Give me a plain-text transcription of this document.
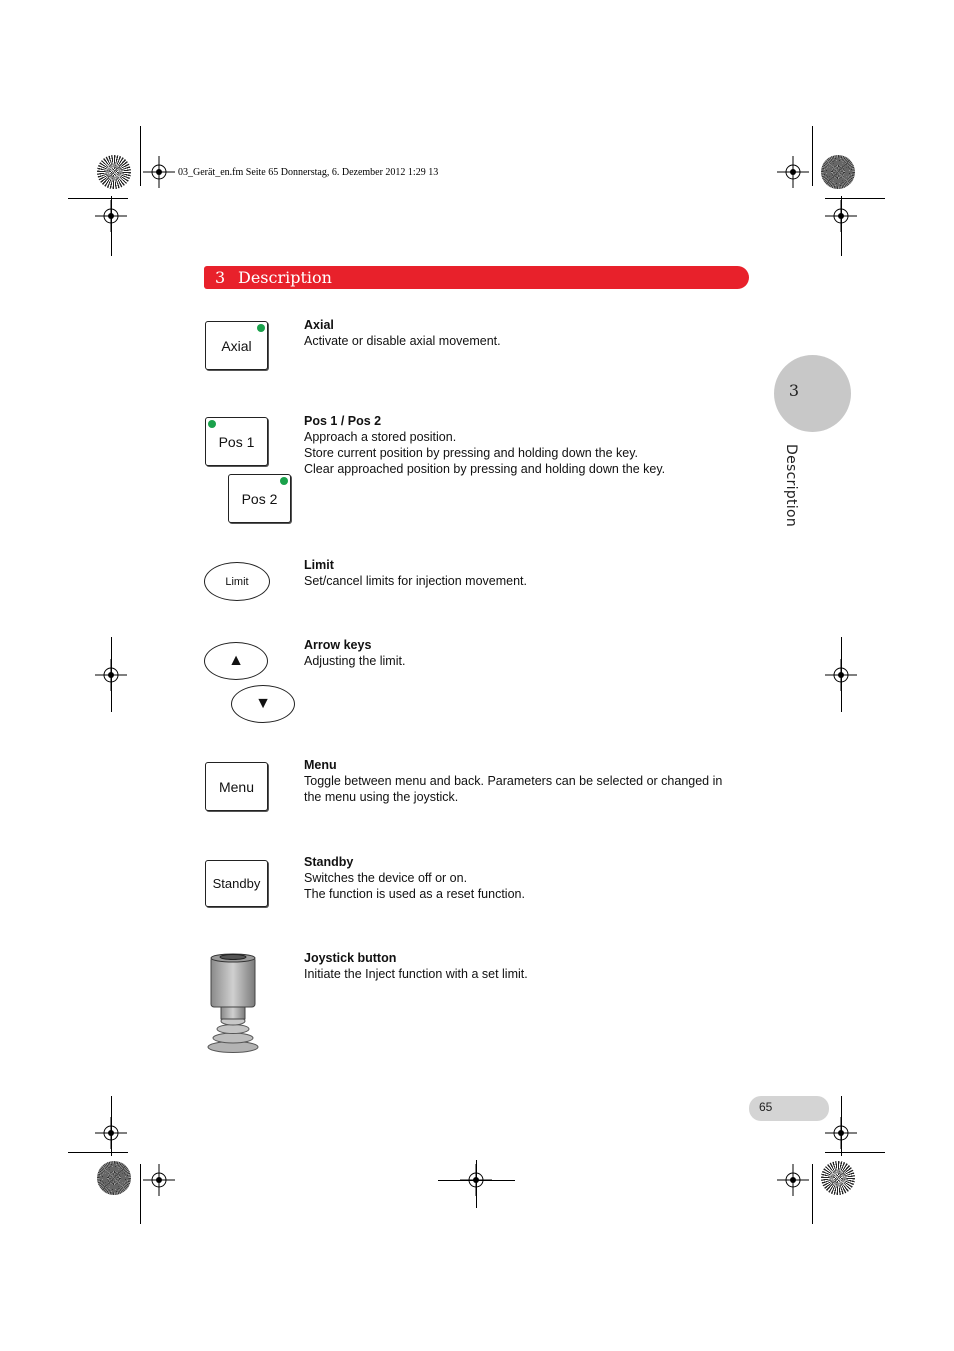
03_Gerät_en.fm Seite 65 Donnerstag, 6. Dezember 2012 1:29 13
3 Description
3
Description
Axial
Axial
Activate or disable axial movement.
Pos 1
Pos 2
Pos 1 / Pos 2
Approach a stored position.
Store current position by pressing and holding down the key.
Clear approached position by pressing and holding down the key.
Limit
Limit
Set/cancel limits for injection movement.
▲
▼
Arrow keys
Adjusting the limit.
Menu
Menu
Toggle between menu and back. Parameters can be selected or changed in
the menu using the joystick.
Standby
Standby
Switches the device off or on.
The function is used as a reset function.
Joystick button
Initiate the Inject function with a set limit.
65
